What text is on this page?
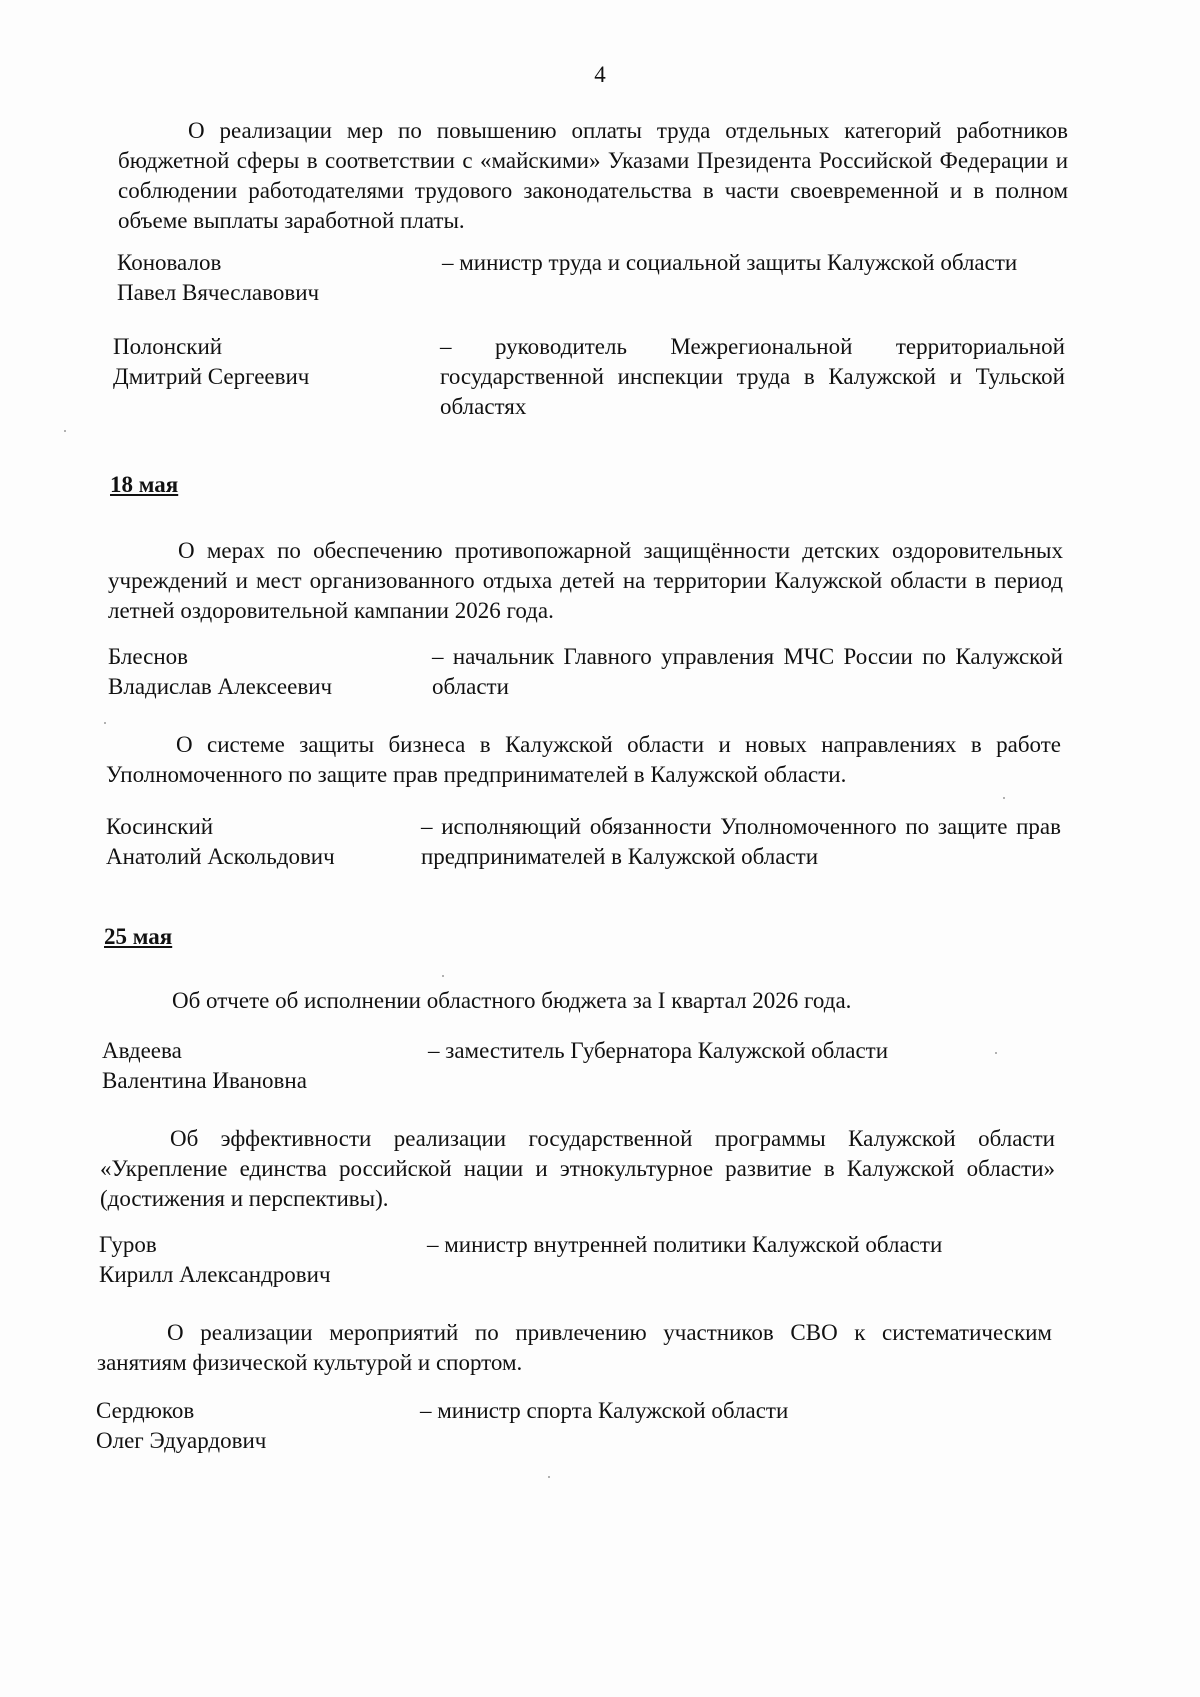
4
О реализации мер по повышению оплаты труда отдельных категорий работников бюджетной сферы в соответствии с «майскими» Указами Президента Российской Федерации и соблюдении работодателями трудового законодательства в части своевременной и в полном объеме выплаты заработной платы.
Коновалов
Павел Вячеславович
– министр труда и социальной защиты Калужской области
Полонский
Дмитрий Сергеевич
– руководитель Межрегиональной территориальной государственной инспекции труда в Калужской и Тульской областях
18 мая
О мерах по обеспечению противопожарной защищённости детских оздоровительных учреждений и мест организованного отдыха детей на территории Калужской области в период летней оздоровительной кампании 2026 года.
Блеснов
Владислав Алексеевич
– начальник Главного управления МЧС России по Калужской области
О системе защиты бизнеса в Калужской области и новых направлениях в работе Уполномоченного по защите прав предпринимателей в Калужской области.
Косинский
Анатолий Аскольдович
– исполняющий обязанности Уполномоченного по защите прав предпринимателей в Калужской области
25 мая
Об отчете об исполнении областного бюджета за I квартал 2026 года.
Авдеева
Валентина Ивановна
– заместитель Губернатора Калужской области
Об эффективности реализации государственной программы Калужской области «Укрепление единства российской нации и этнокультурное развитие в Калужской области» (достижения и перспективы).
Гуров
Кирилл Александрович
– министр внутренней политики Калужской области
О реализации мероприятий по привлечению участников СВО к систематическим занятиям физической культурой и спортом.
Сердюков
Олег Эдуардович
– министр спорта Калужской области
